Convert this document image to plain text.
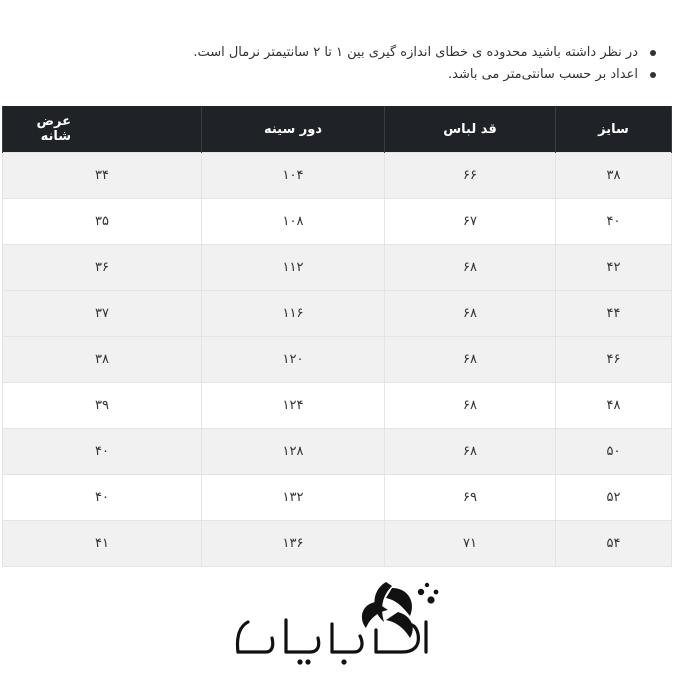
در نظر داشته باشید محدوده ی خطای اندازه گیری بین ۱ تا ۲ سانتیمتر نرمال است.
اعداد بر حسب سانتی‌متر می باشد.
سایز	قد لباس	دور سینه	عرض شانه
۳۸	۶۶	۱۰۴	۳۴
۴۰	۶۷	۱۰۸	۳۵
۴۲	۶۸	۱۱۲	۳۶
۴۴	۶۸	۱۱۶	۳۷
۴۶	۶۸	۱۲۰	۳۸
۴۸	۶۸	۱۲۴	۳۹
۵۰	۶۸	۱۲۸	۴۰
۵۲	۶۹	۱۳۲	۴۰
۵۴	۷۱	۱۳۶	۴۱
